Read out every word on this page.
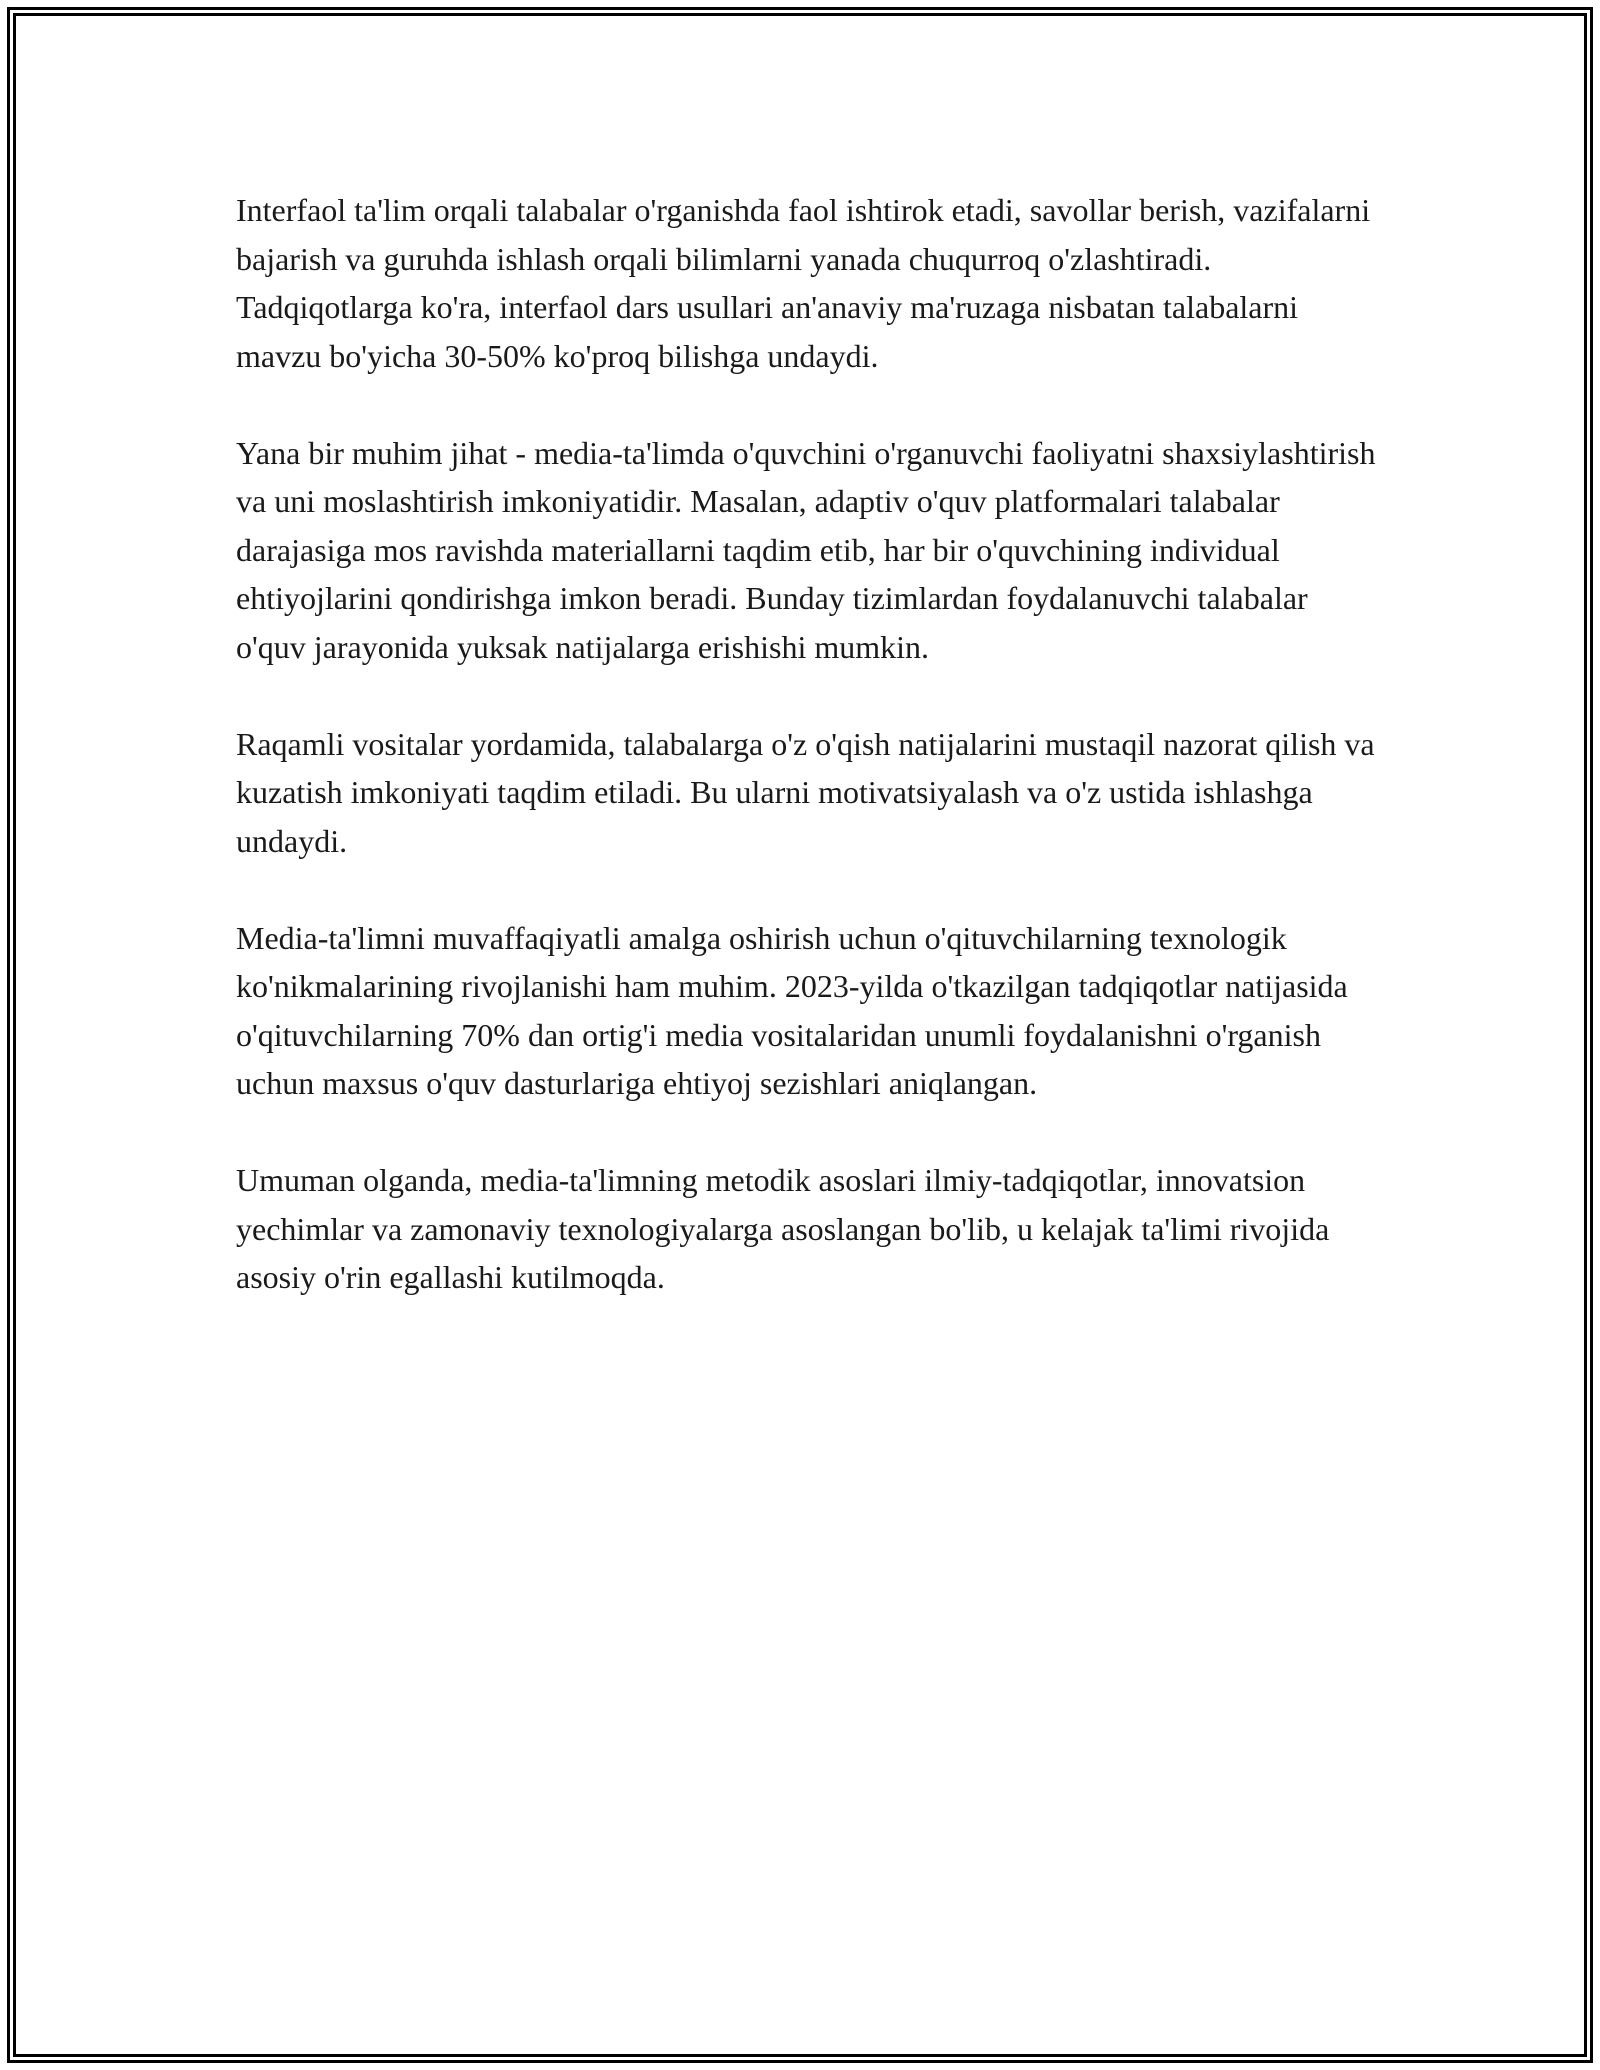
Interfaol ta'lim orqali talabalar o'rganishda faol ishtirok etadi, savollar berish, vazifalarni bajarish va guruhda ishlash orqali bilimlarni yanada chuqurroq o'zlashtiradi. Tadqiqotlarga ko'ra, interfaol dars usullari an'anaviy ma'ruzaga nisbatan talabalarni mavzu bo'yicha 30-50% ko'proq bilishga undaydi.

Yana bir muhim jihat - media-ta'limda o'quvchini o'rganuvchi faoliyatni shaxsiylashtirish va uni moslashtirish imkoniyatidir. Masalan, adaptiv o'quv platformalari talabalar darajasiga mos ravishda materiallarni taqdim etib, har bir o'quvchining individual ehtiyojlarini qondirishga imkon beradi. Bunday tizimlardan foydalanuvchi talabalar o'quv jarayonida yuksak natijalarga erishishi mumkin.

Raqamli vositalar yordamida, talabalarga o'z o'qish natijalarini mustaqil nazorat qilish va kuzatish imkoniyati taqdim etiladi. Bu ularni motivatsiyalash va o'z ustida ishlashga undaydi.

Media-ta'limni muvaffaqiyatli amalga oshirish uchun o'qituvchilarning texnologik ko'nikmalarining rivojlanishi ham muhim. 2023-yilda o'tkazilgan tadqiqotlar natijasida o'qituvchilarning 70% dan ortig'i media vositalaridan unumli foydalanishni o'rganish uchun maxsus o'quv dasturlariga ehtiyoj sezishlari aniqlangan.

Umuman olganda, media-ta'limning metodik asoslari ilmiy-tadqiqotlar, innovatsion yechimlar va zamonaviy texnologiyalarga asoslangan bo'lib, u kelajak ta'limi rivojida asosiy o'rin egallashi kutilmoqda.
